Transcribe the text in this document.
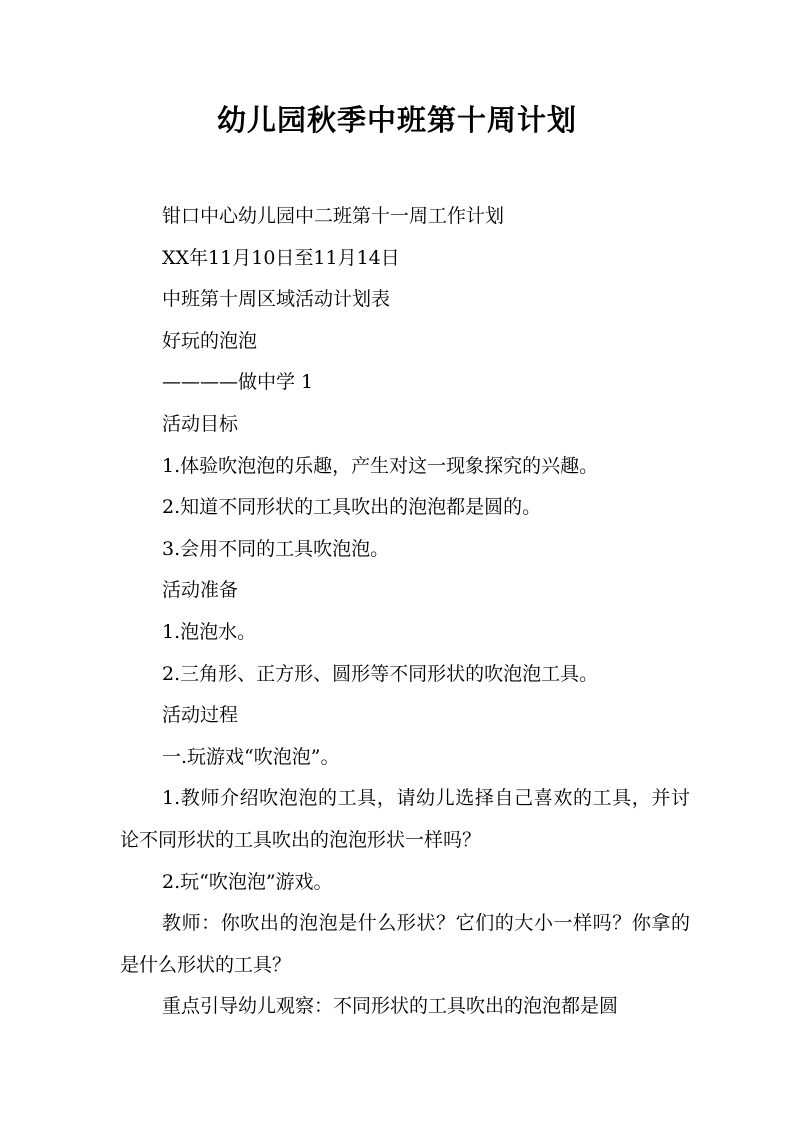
幼儿园秋季中班第十周计划

钳口中心幼儿园中二班第十一周工作计划

XX年11月10日至11月14日

中班第十周区域活动计划表

好玩的泡泡

————做中学 1

活动目标

1.体验吹泡泡的乐趣，产生对这一现象探究的兴趣。

2.知道不同形状的工具吹出的泡泡都是圆的。

3.会用不同的工具吹泡泡。

活动准备

1.泡泡水。

2.三角形、正方形、圆形等不同形状的吹泡泡工具。

活动过程

一.玩游戏“吹泡泡”。

1.教师介绍吹泡泡的工具，请幼儿选择自己喜欢的工具，并讨论不同形状的工具吹出的泡泡形状一样吗？

2.玩“吹泡泡”游戏。

教师：你吹出的泡泡是什么形状？它们的大小一样吗？你拿的是什么形状的工具？

重点引导幼儿观察：不同形状的工具吹出的泡泡都是圆
